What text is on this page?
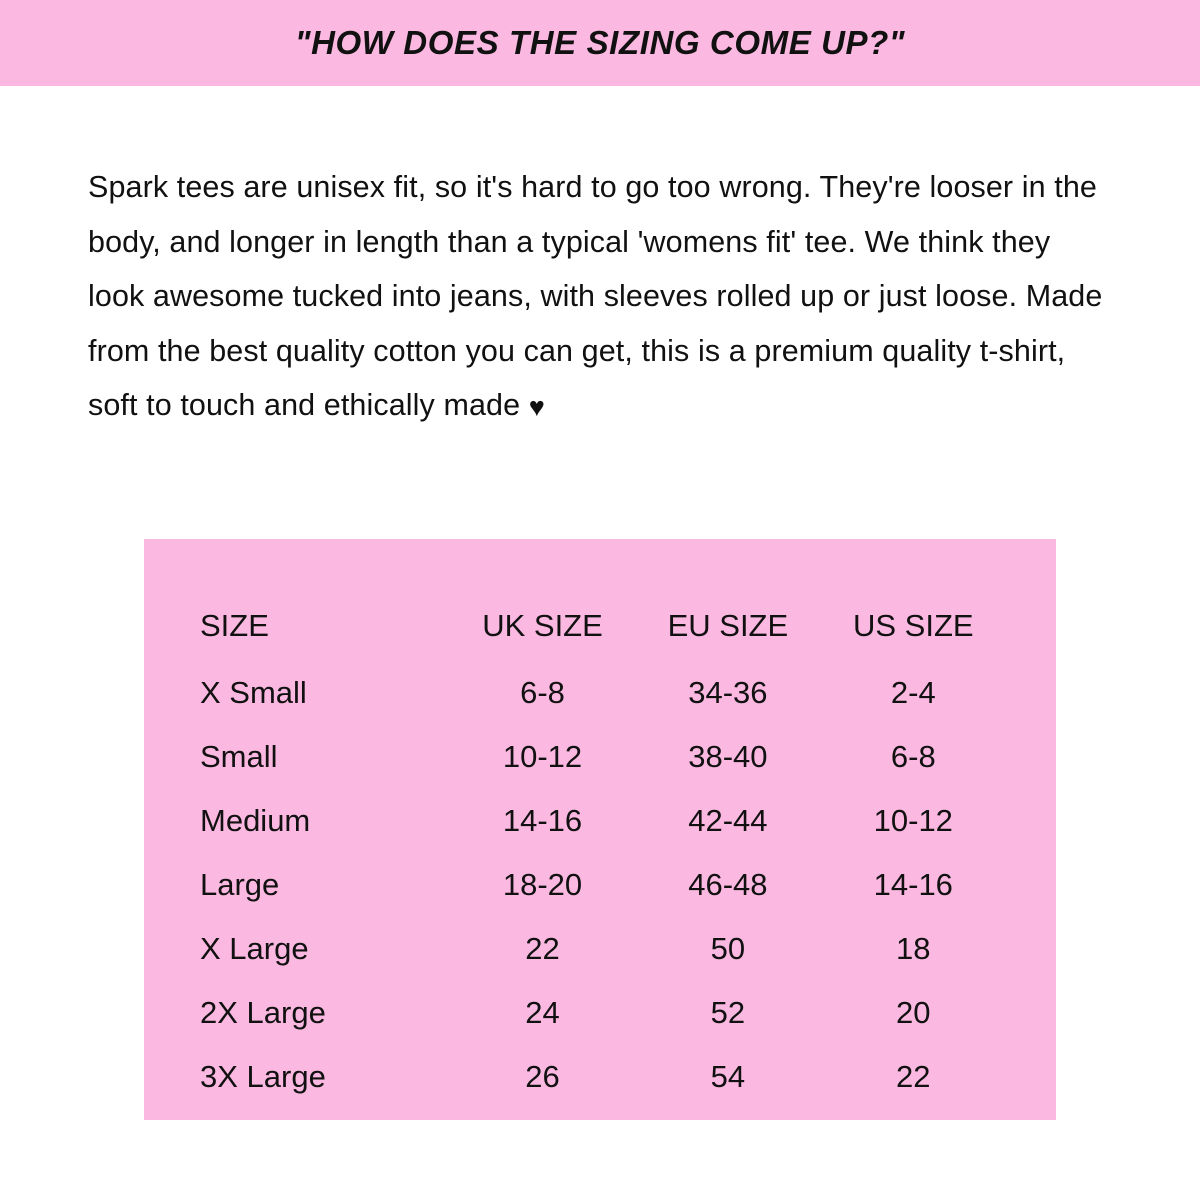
"HOW DOES THE SIZING COME UP?"

Spark tees are unisex fit, so it's hard to go too wrong. They're looser in the body, and longer in length than a typical 'womens fit' tee. We think they look awesome tucked into jeans, with sleeves rolled up or just loose. Made from the best quality cotton you can get, this is a premium quality t-shirt, soft to touch and ethically made ♥

SIZE	UK SIZE	EU SIZE	US SIZE
X Small	6-8	34-36	2-4
Small	10-12	38-40	6-8
Medium	14-16	42-44	10-12
Large	18-20	46-48	14-16
X Large	22	50	18
2X Large	24	52	20
3X Large	26	54	22
